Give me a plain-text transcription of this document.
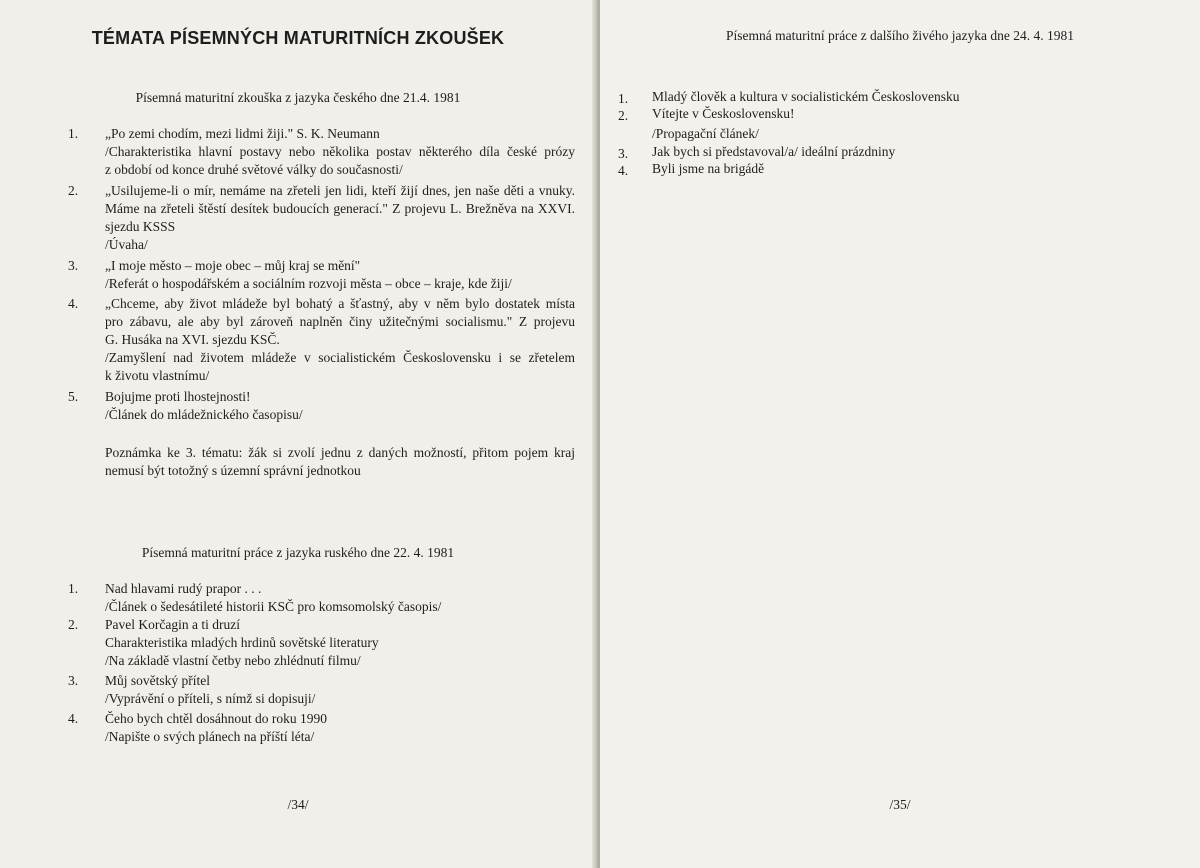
TÉMATA PÍSEMNÝCH MATURITNÍCH ZKOUŠEK
Písemná maturitní zkouška z jazyka českého dne 21.4. 1981
1. „Po zemi chodím, mezi lidmi žiji." S. K. Neumann
/Charakteristika hlavní postavy nebo několika postav některého díla české prózy
z období od konce druhé světové války do současnosti/
2. „Usilujeme-li o mír, nemáme na zřeteli jen lidi, kteří žijí dnes, jen naše děti a vnuky.
Máme na zřeteli štěstí desítek budoucích generací." Z projevu L. Brežněva na XXVI.
sjezdu KSSS
/Úvaha/
3. „I moje město – moje obec – můj kraj se mění"
/Referát o hospodářském a sociálním rozvoji města – obce – kraje, kde žiji/
4. „Chceme, aby život mládeže byl bohatý a šťastný, aby v něm bylo dostatek místa
pro zábavu, ale aby byl zároveň naplněn činy užitečnými socialismu." Z projevu
G. Husáka na XVI. sjezdu KSČ.
/Zamyšlení nad životem mládeže v socialistickém Československu i se zřetelem
k životu vlastnímu/
5. Bojujme proti lhostejnosti!
/Článek do mládežnického časopisu/
Poznámka ke 3. tématu: žák si zvolí jednu z daných možností, přitom pojem kraj
nemusí být totožný s územní správní jednotkou
Písemná maturitní práce z jazyka ruského dne 22. 4. 1981
1. Nad hlavami rudý prapor . . .
/Článek o šedesátileté historii KSČ pro komsomolský časopis/
2. Pavel Korčagin a ti druzí
Charakteristika mladých hrdinů sovětské literatury
/Na základě vlastní četby nebo zhlédnutí filmu/
3. Můj sovětský přítel
/Vyprávění o příteli, s nímž si dopisuji/
4. Čeho bych chtěl dosáhnout do roku 1990
/Napište o svých plánech na příští léta/
/34/
Písemná maturitní práce z dalšího živého jazyka dne 24. 4. 1981
1. Mladý člověk a kultura v socialistickém Československu
2. Vítejte v Československu!
/Propagační článek/
3. Jak bych si představoval/a/ ideální prázdniny
4. Byli jsme na brigádě
/35/
